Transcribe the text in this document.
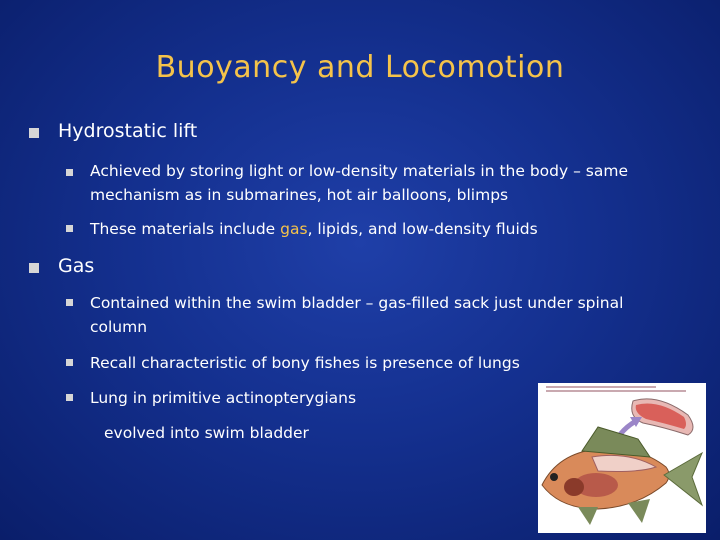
Buoyancy and Locomotion
Hydrostatic lift
Achieved by storing light or low-density materials in the body – same mechanism as in submarines, hot air balloons, blimps
These materials include gas, lipids, and low-density fluids
Gas
Contained within the swim bladder – gas-filled sack just under spinal column
Recall characteristic of bony fishes is presence of lungs
Lung in primitive actinopterygians
evolved into swim bladder
